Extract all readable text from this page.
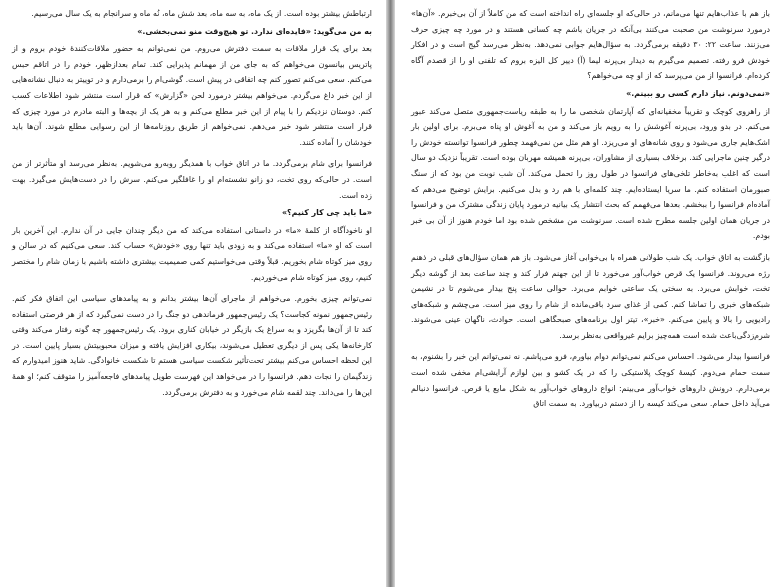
ارتباطش بیشتر بوده است. از یک ماه، به سه ماه، بعد شش ماه، نُه ماه و سرانجام به یک سال می‌رسیم.

به من می‌گوید: «فایده‌ای ندارد. تو هیچ‌وقت منو نمی‌بخشی.»

بعد برای یک قرار ملاقات به سمت دفترش می‌روم. من نمی‌توانم به حضور ملاقات‌کنندهٔ خودم بروم و از پاتریس بیانسون می‌خواهم که به جای من از مهمانم پذیرایی کند. تمام بعدازظهر، خودم را در اتاقم حبس می‌کنم. سعی می‌کنم تصور کنم چه اتفاقی در پیش است. گوشی‌ام را برمی‌دارم و در توییتر به دنبال نشانه‌هایی از این خبر داغ می‌گردم. می‌خواهم بیشتر درمورد لحن «گزارش» که قرار است منتشر شود اطلاعات کسب کنم. دوستان نزدیکم را با پیام از این خبر مطلع می‌کنم و به هر یک از بچه‌ها و البته مادرم در مورد چیزی که قرار است منتشر شود خبر می‌دهم. نمی‌خواهم از طریق روزنامه‌ها از این رسوایی مطلع شوند. آن‌ها باید خودشان را آماده کنند.

فرانسوا برای شام برمی‌گردد. ما در اتاق خواب با همدیگر روبه‌رو می‌شویم. به‌نظر می‌رسد او متأثرتر از من است. در حالی‌که روی تخت، دو زانو نشسته‌ام او را غافلگیر می‌کنم. سرش را در دست‌هایش می‌گیرد. بهت زده است.

«ما باید چی کار کنیم؟»

او ناخودآگاه از کلمهٔ «ما» در داستانی استفاده می‌کند که من دیگر چندان جایی در آن ندارم. این آخرین بار است که او «ما» استفاده می‌کند و به زودی باید تنها روی «خودش» حساب کند. سعی می‌کنیم که در سالن و روی میز کوتاه شام بخوریم. قبلاً وقتی می‌خواستیم کمی صمیمیت بیشتری داشته باشیم با زمان شام را مختصر کنیم، روی میز کوتاه شام می‌خوردیم.

نمی‌توانم چیزی بخورم. می‌خواهم از ماجرای آن‌ها بیشتر بدانم و به پیامدهای سیاسی این اتفاق فکر کنم. رئیس‌جمهور نمونه کجاست؟ یک رئیس‌جمهور فرماندهی دو جنگ را در دست نمی‌گیرد که از هر فرصتی استفاده کند تا از آن‌ها بگریزد و به سراغ یک بازیگر در خیابان کناری برود. یک رئیس‌جمهور چه گونه رفتار می‌کند وقتی کارخانه‌ها یکی پس از دیگری تعطیل می‌شوند، بیکاری افزایش یافته و میزان محبوبیتش بسیار پایین است. در این لحظه احساس می‌کنم بیشتر تحت‌تأثیر شکست سیاسی هستم تا شکست خانوادگی. شاید هنوز امیدوارم که زندگیمان را نجات دهم. فرانسوا را در می‌خواهد این فهرست طویل پیامدهای فاجعه‌آمیز را متوقف کنم؛ او همهٔ این‌ها را می‌داند. چند لقمه شام می‌خورد و به دفترش برمی‌گردد.

باز هم با عذاب‌هایم تنها می‌مانم، در حالی‌که او جلسه‌ای راه انداخته است که من کاملاً از آن بی‌خبرم. «آن‌ها» درمورد سرنوشت من صحبت می‌کنند بی‌آنکه در جریان باشم چه کسانی هستند و در مورد چه چیزی حرف می‌زنند. ساعت ۲۲: ۳۰ دقیقه برمی‌گردد. به سؤال‌هایم جوابی نمی‌دهد. به‌نظر می‌رسد گیج است و در افکار خودش فرو رفته. تصمیم می‌گیرم به دیدار بی‌پرنه لیما (آ) ديير کل الیزه بروم که تلفنی او را از قصدم آگاه کرده‌ام. فرانسوا از من می‌پرسد که از او چه می‌خواهم؟

«نمی‌دونم. نیاز دارم کسی رو ببینم.»

از راهروی کوچک و تقریباً مخفیانه‌ای که آپارتمان شخصی ما را به طبقه ریاست‌جمهوری متصل می‌کند عبور می‌کنم. در بدو ورود، بی‌پرنه آغوشش را به رویم باز می‌کند و من به آغوش او پناه می‌برم. برای اولین بار اشک‌هایم جاری می‌شود و روی شانه‌های او می‌ریزد. او هم مثل من نمی‌فهمد چطور فرانسوا توانسته خودش را درگیر چنین ماجرایی کند. برخلاف بسیاری از مشاوران، بی‌پرنه همیشه مهربان بوده است. تقریباً نزدیک دو سال است که اغلب به‌خاطر تلخی‌های فرانسوا در طول روز را تحمل می‌کند. آن شب نوبت من بود که از سنگ صبورمان استفاده کنم. ما سریا ایستاده‌ایم. چند کلمه‌ای با هم رد و بدل می‌کنیم. برایش توضیح می‌دهم که آماده‌ام فرانسوا را ببخشم. بعدها می‌فهمم که بحث انتشار یک بیانیه درمورد پایان زندگی مشترک من و فرانسوا در جریان همان اولین جلسه مطرح شده است. سرنوشت من مشخص شده بود اما خودم هنوز از آن بی خبر بودم.

بازگشت به اتاق خواب. یک شب طولانی همراه با بی‌خوابی آغاز می‌شود. باز هم همان سؤال‌های قبلی در ذهنم رژه می‌روند. فرانسوا یک قرص خواب‌آور می‌خورد تا از این جهنم فرار کند و چند ساعت بعد از گوشه دیگر تخت، خوابش می‌برد. به سختی یک ساعتی خوابم می‌برد. حوالی ساعت پنج بیدار می‌شوم تا در نشیمن شبکه‌های خبری را تماشا کنم. کمی از غذای سرد باقی‌مانده از شام را روی میز است. می‌چشم و شبکه‌های رادیویی را بالا و پایین می‌کنم. «خبر»، تیتر اول برنامه‌های صبحگاهی است. حوادث، ناگهان عینی می‌شوند. شرم‌زدگی‌باعث شده است همه‌چیز برایم غیرواقعی به‌نظر برسد.

فرانسوا بیدار می‌شود. احساس می‌کنم نمی‌توانم دوام بیاورم، فرو می‌پاشم. نه نمی‌توانم این خبر را بشنوم، به سمت حمام می‌دوم. کیسهٔ کوچک پلاستیکی را که در یک کشو و بین لوازم آرایشی‌ام مخفی شده است برمی‌دارم. درونش داروهای خواب‌آور می‌بینم: انواع داروهای خواب‌آور به شکل مایع یا قرص. فرانسوا دنبالم می‌آید داخل حمام. سعی می‌کند کیسه را از دستم دربیاورد. به سمت اتاق
